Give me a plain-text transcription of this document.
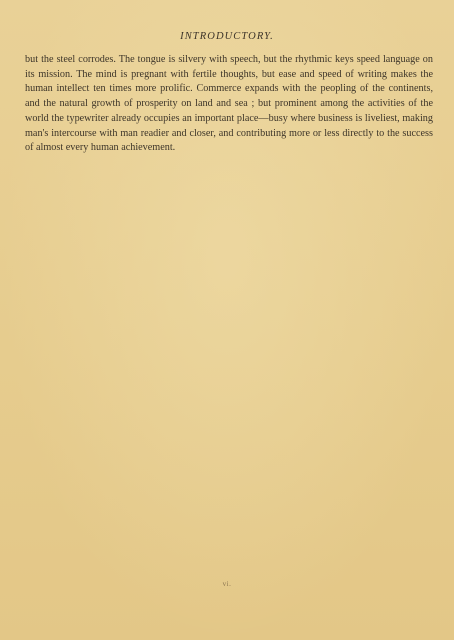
INTRODUCTORY.

but the steel corrodes. The tongue is silvery with speech, but the rhythmic keys speed language on its mission. The mind is pregnant with fertile thoughts, but ease and speed of writing makes the human intellect ten times more prolific. Commerce expands with the peopling of the continents, and the natural growth of prosperity on land and sea ; but prominent among the activities of the world the typewriter already occupies an important place—busy where business is liveliest, making man's intercourse with man readier and closer, and contributing more or less directly to the success of almost every human achievement.

vi.
